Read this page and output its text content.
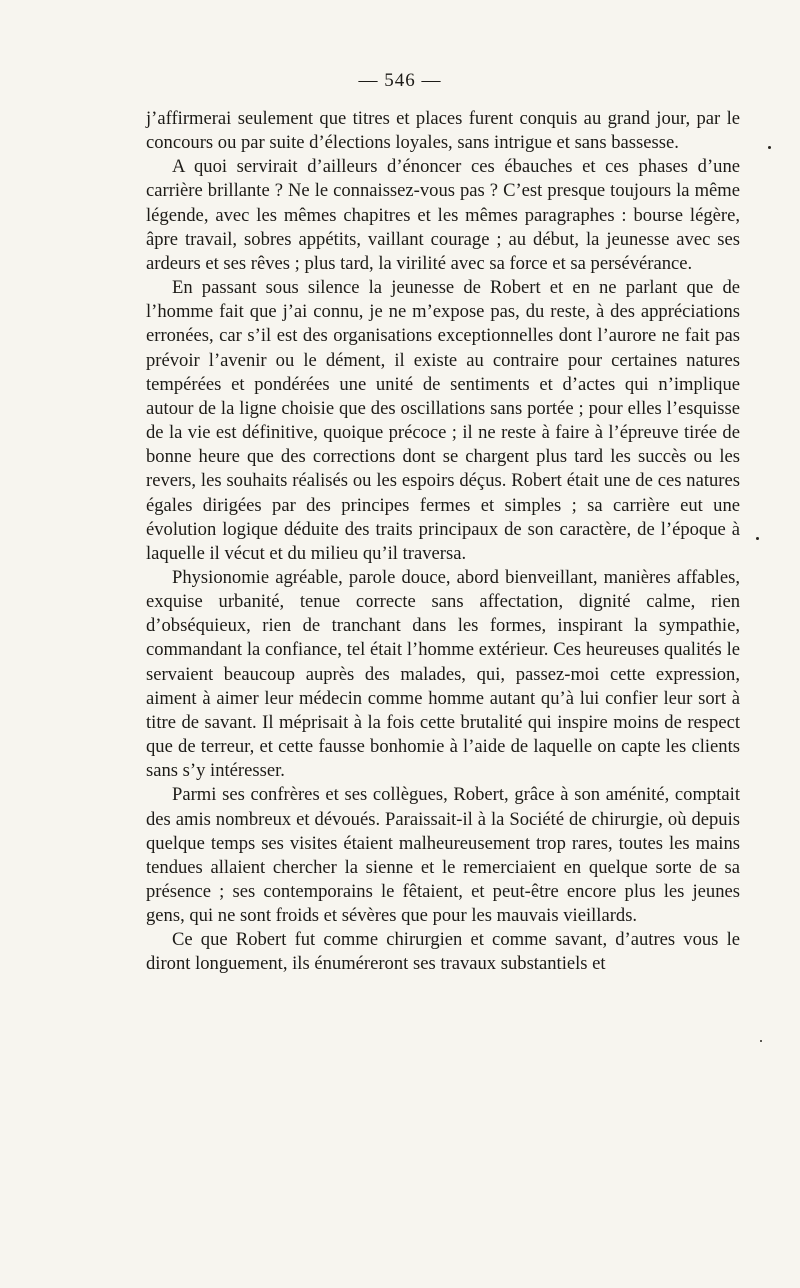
— 546 —

j’affirmerai seulement que titres et places furent conquis au grand jour, par le concours ou par suite d’élections loyales, sans intrigue et sans bassesse.

A quoi servirait d’ailleurs d’énoncer ces ébauches et ces phases d’une carrière brillante ? Ne le connaissez-vous pas ? C’est presque toujours la même légende, avec les mêmes chapitres et les mêmes paragraphes : bourse légère, âpre travail, sobres appétits, vaillant courage ; au début, la jeunesse avec ses ardeurs et ses rêves ; plus tard, la virilité avec sa force et sa persévérance.

En passant sous silence la jeunesse de Robert et en ne parlant que de l’homme fait que j’ai connu, je ne m’expose pas, du reste, à des appréciations erronées, car s’il est des organisations exceptionnelles dont l’aurore ne fait pas prévoir l’avenir ou le dément, il existe au contraire pour certaines natures tempérées et pondérées une unité de sentiments et d’actes qui n’implique autour de la ligne choisie que des oscillations sans portée ; pour elles l’esquisse de la vie est définitive, quoique précoce ; il ne reste à faire à l’épreuve tirée de bonne heure que des corrections dont se chargent plus tard les succès ou les revers, les souhaits réalisés ou les espoirs déçus. Robert était une de ces natures égales dirigées par des principes fermes et simples ; sa carrière eut une évolution logique déduite des traits principaux de son caractère, de l’époque à laquelle il vécut et du milieu qu’il traversa.

Physionomie agréable, parole douce, abord bienveillant, manières affables, exquise urbanité, tenue correcte sans affectation, dignité calme, rien d’obséquieux, rien de tranchant dans les formes, inspirant la sympathie, commandant la confiance, tel était l’homme extérieur. Ces heureuses qualités le servaient beaucoup auprès des malades, qui, passez-moi cette expression, aiment à aimer leur médecin comme homme autant qu’à lui confier leur sort à titre de savant. Il méprisait à la fois cette brutalité qui inspire moins de respect que de terreur, et cette fausse bonhomie à l’aide de laquelle on capte les clients sans s’y intéresser.

Parmi ses confrères et ses collègues, Robert, grâce à son aménité, comptait des amis nombreux et dévoués. Paraissait-il à la Société de chirurgie, où depuis quelque temps ses visites étaient malheureusement trop rares, toutes les mains tendues allaient chercher la sienne et le remerciaient en quelque sorte de sa présence ; ses contemporains le fêtaient, et peut-être encore plus les jeunes gens, qui ne sont froids et sévères que pour les mauvais vieillards.

Ce que Robert fut comme chirurgien et comme savant, d’autres vous le diront longuement, ils énuméreront ses travaux substantiels et
